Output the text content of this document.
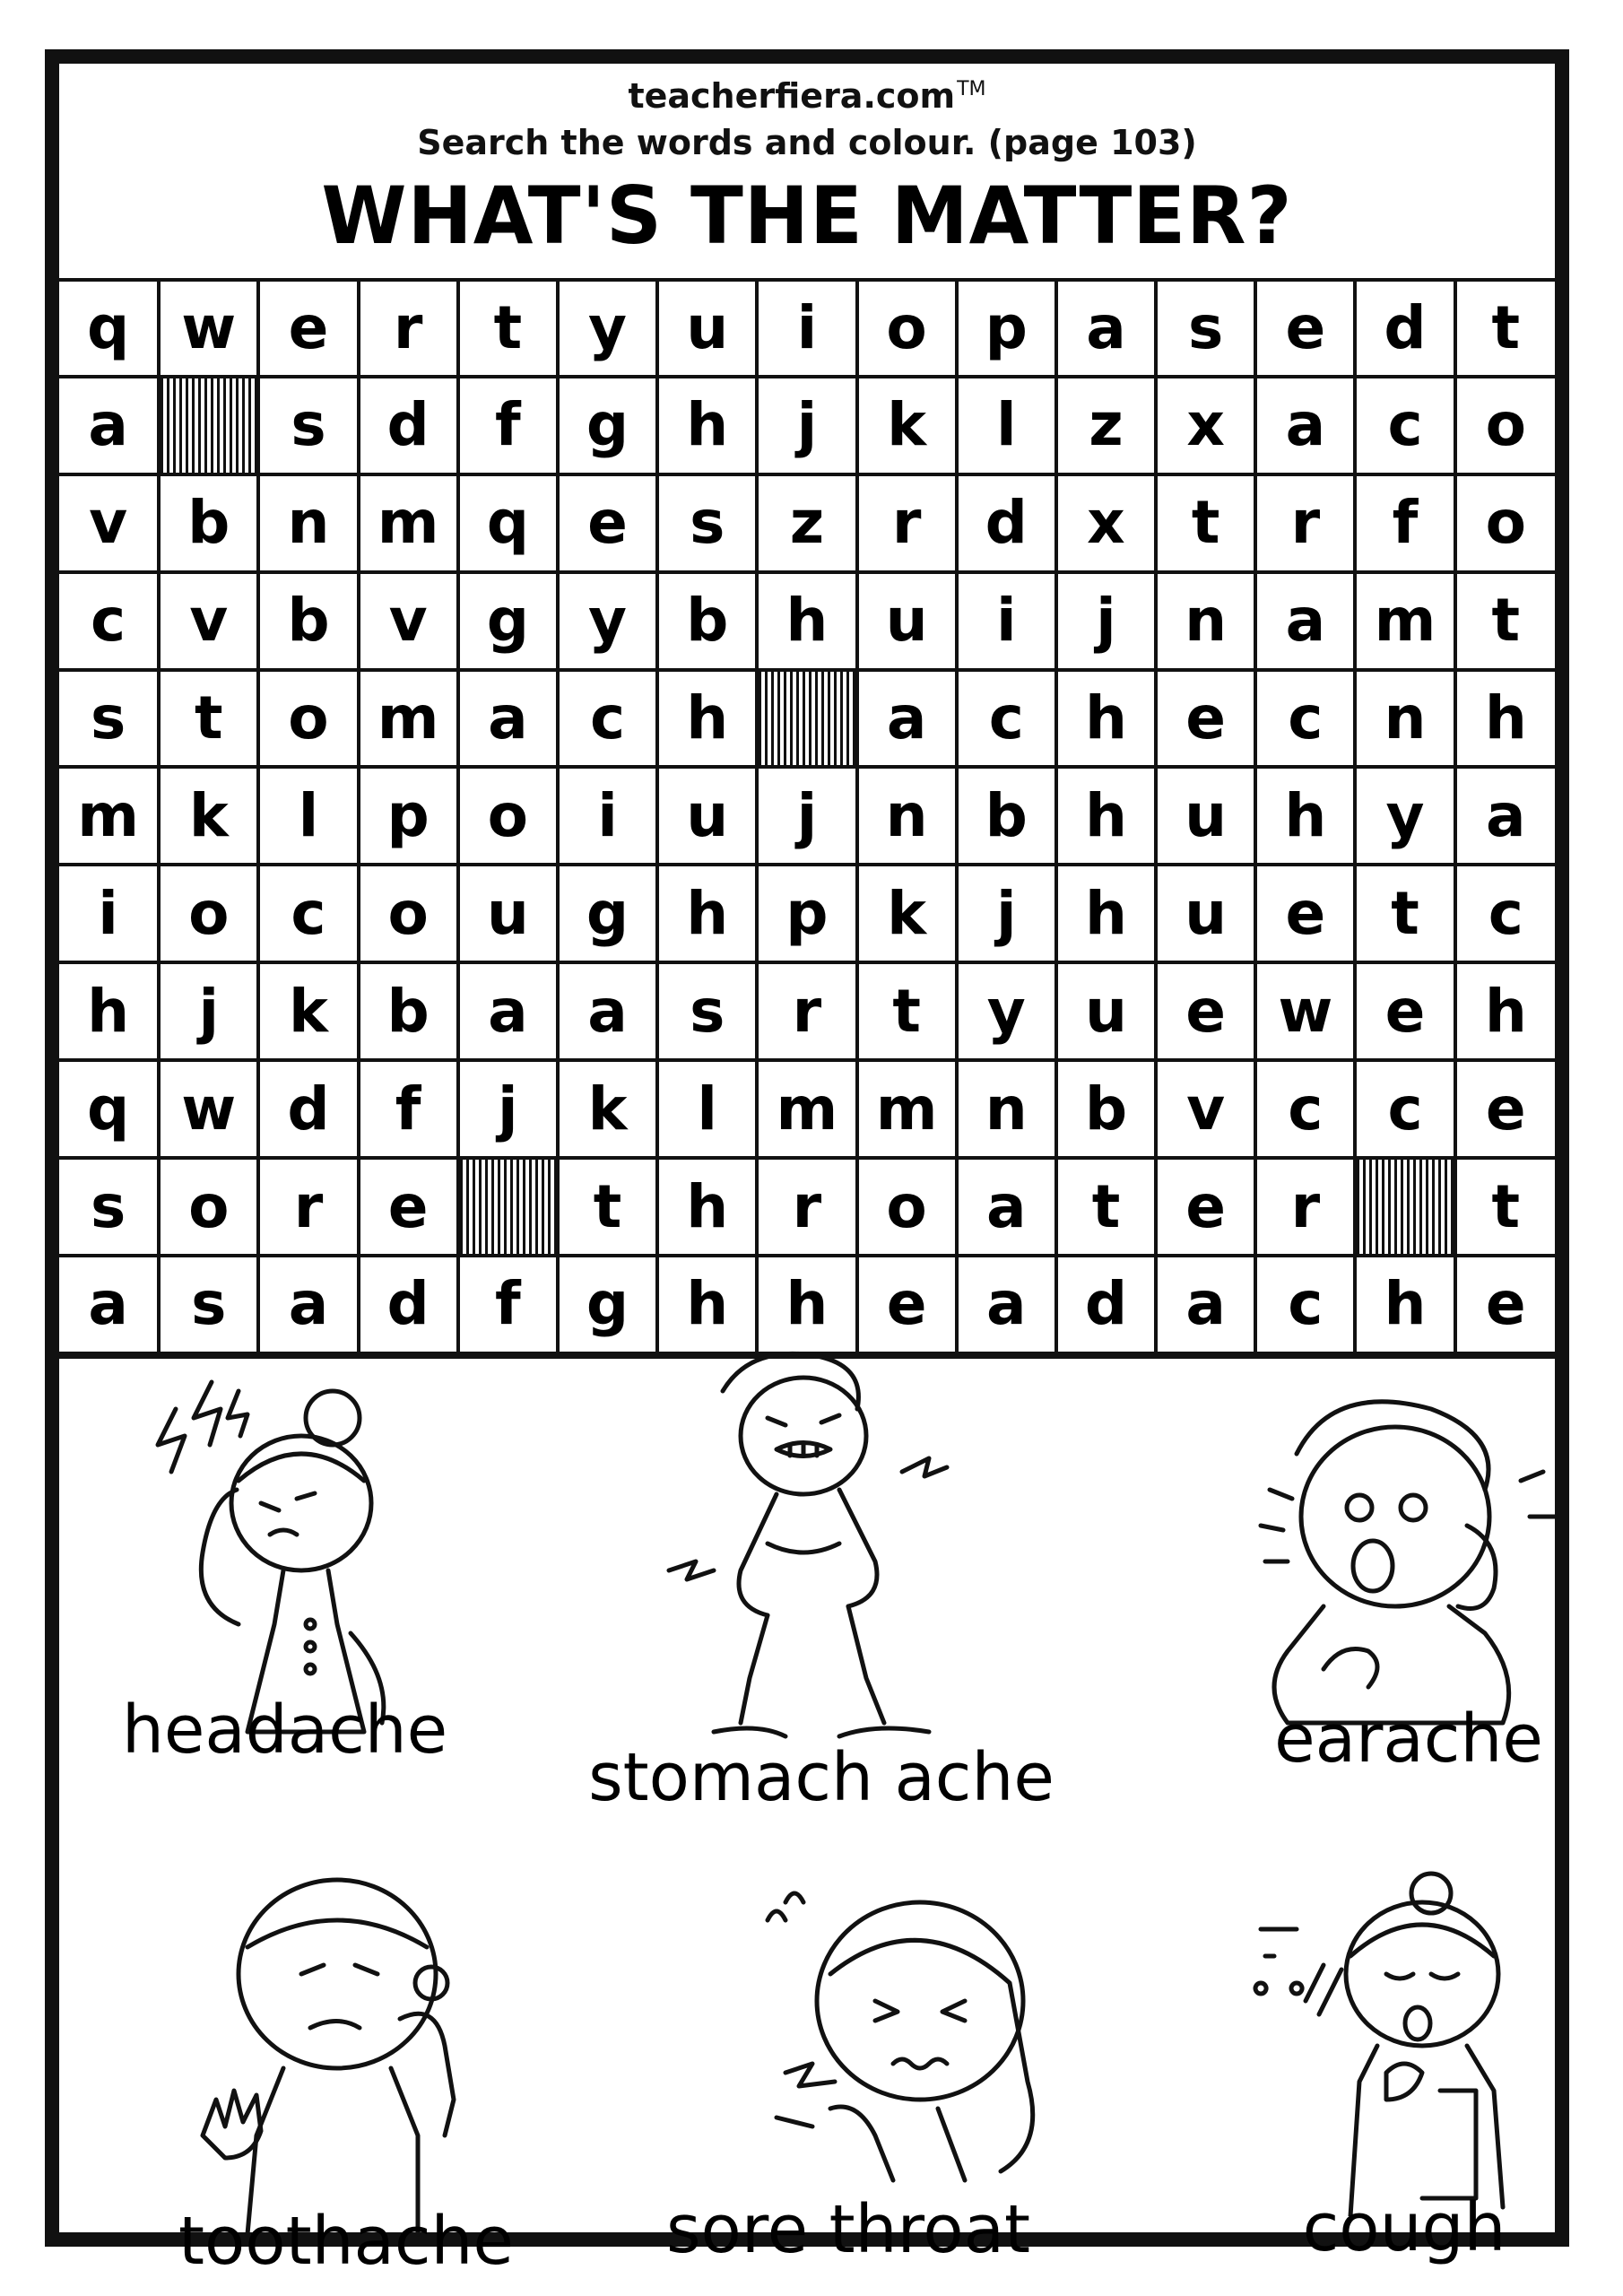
teacherfiera.com™
Search the words and colour. (page 103)
WHAT'S THE MATTER?
q	w	e	r	t	y	u	i	o	p	a	s	e	d	t
a		s	d	f	g	h	j	k	l	z	x	a	c	o
v	b	n	m	q	e	s	z	r	d	x	t	r	f	o
c	v	b	v	g	y	b	h	u	i	j	n	a	m	t
s	t	o	m	a	c	h		a	c	h	e	c	n	h
m	k	l	p	o	i	u	j	n	b	h	u	h	y	a
i	o	c	o	u	g	h	p	k	j	h	u	e	t	c
h	j	k	b	a	a	s	r	t	y	u	e	w	e	h
q	w	d	f	j	k	l	m	m	n	b	v	c	c	e
s	o	r	e		t	h	r	o	a	t	e	r		t
a	s	a	d	f	g	h	h	e	a	d	a	c	h	e
headache
stomach ache	earache
toothache	sore throat	cough
